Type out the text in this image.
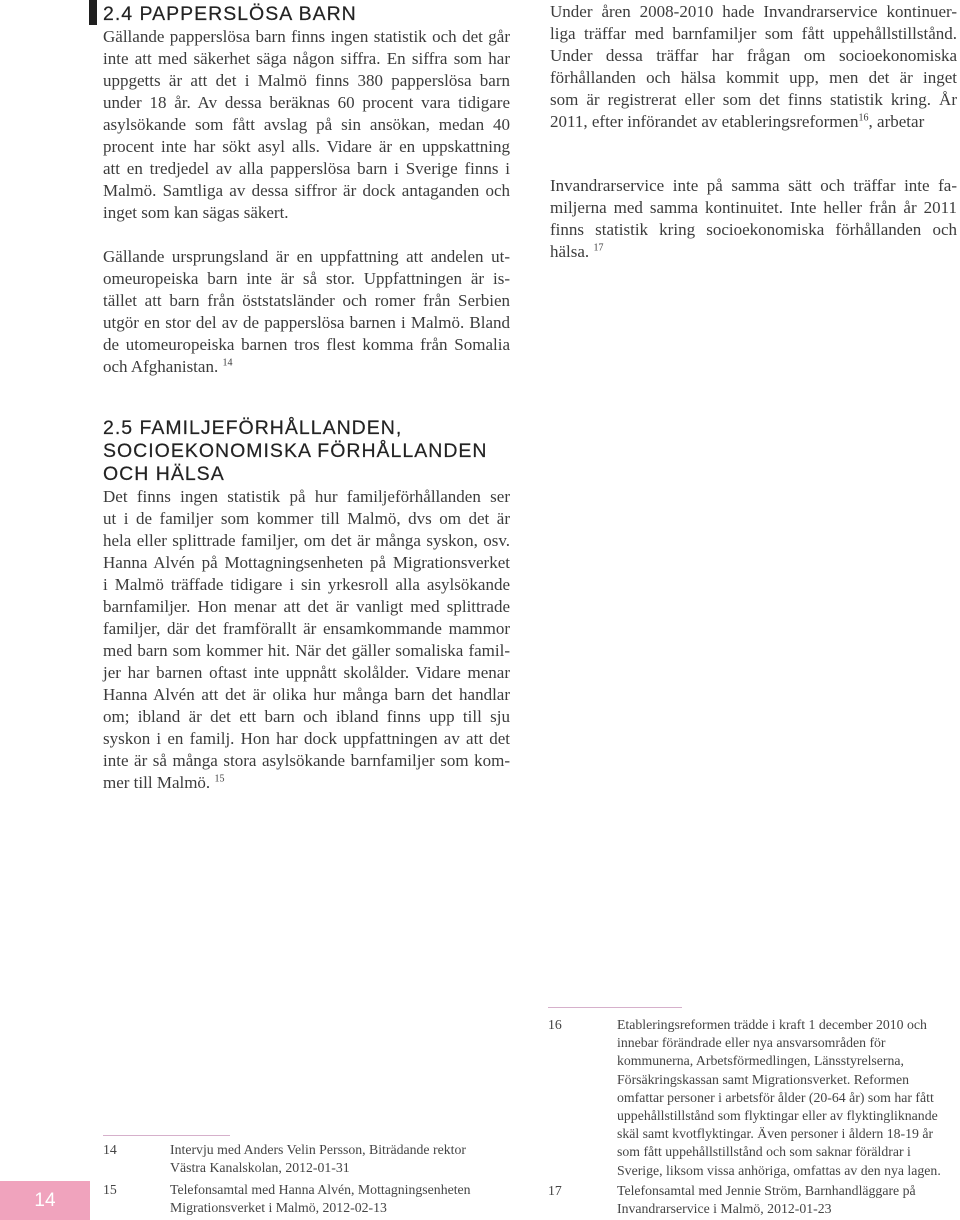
2.4 PAPPERSLÖSA BARN
Gällande papperslösa barn finns ingen statistik och det går
inte att med säkerhet säga någon siffra. En siffra som har
uppgetts är att det i Malmö finns 380 papperslösa barn
under 18 år. Av dessa beräknas 60 procent vara tidigare
asylsökande som fått avslag på sin ansökan, medan 40
procent inte har sökt asyl alls. Vidare är en uppskattning
att en tredjedel av alla papperslösa barn i Sverige finns i
Malmö. Samtliga av dessa siffror är dock antaganden och
inget som kan sägas säkert.
Gällande ursprungsland är en uppfattning att andelen ut-
omeuropeiska barn inte är så stor. Uppfattningen är is-
tället att barn från öststatsländer och romer från Serbien
utgör en stor del av de papperslösa barnen i Malmö. Bland
de utomeuropeiska barnen tros flest komma från Somalia
och Afghanistan. $^{14}$
Under åren 2008-2010 hade Invandrarservice kontinuer-
liga träffar med barnfamiljer som fått uppehållstillstånd.
Under dessa träffar har frågan om socioekonomiska
förhållanden och hälsa kommit upp, men det är inget
som är registrerat eller som det finns statistik kring. År
2011, efter införandet av etableringsreformen$^{16}$, arbetar
Invandrarservice inte på samma sätt och träffar inte fa-
miljerna med samma kontinuitet. Inte heller från år 2011
finns statistik kring socioekonomiska förhållanden och
hälsa. $^{17}$
2.5 FAMILJEFÖRHÅLLANDEN,
SOCIOEKONOMISKA FÖRHÅLLANDEN
OCH HÄLSA
Det finns ingen statistik på hur familjeförhållanden ser
ut i de familjer som kommer till Malmö, dvs om det är
hela eller splittrade familjer, om det är många syskon, osv.
Hanna Alvén på Mottagningsenheten på Migrationsverket
i Malmö träffade tidigare i sin yrkesroll alla asylsökande
barnfamiljer. Hon menar att det är vanligt med splittrade
familjer, där det framförallt är ensamkommande mammor
med barn som kommer hit. När det gäller somaliska famil-
jer har barnen oftast inte uppnått skolålder. Vidare menar
Hanna Alvén att det är olika hur många barn det handlar
om; ibland är det ett barn och ibland finns upp till sju
syskon i en familj. Hon har dock uppfattningen av att det
inte är så många stora asylsökande barnfamiljer som kom-
mer till Malmö. $^{15}$
14	Intervju med Anders Velin Persson, Biträdande rektor
Västra Kanalskolan, 2012-01-31
15	Telefonsamtal med Hanna Alvén, Mottagningsenheten
Migrationsverket i Malmö, 2012-02-13
16	Etableringsreformen trädde i kraft 1 december 2010 och
innebar förändrade eller nya ansvarsområden för
kommunerna, Arbetsförmedlingen, Länsstyrelserna,
Försäkringskassan samt Migrationsverket. Reformen
omfattar personer i arbetsför ålder (20-64 år) som har fått
uppehållstillstånd som flyktingar eller av flyktingliknande
skäl samt kvotflyktingar. Även personer i åldern 18-19 år
som fått uppehållstillstånd och som saknar föräldrar i
Sverige, liksom vissa anhöriga, omfattas av den nya lagen.
17	Telefonsamtal med Jennie Ström, Barnhandläggare på
Invandrarservice i Malmö, 2012-01-23
14
